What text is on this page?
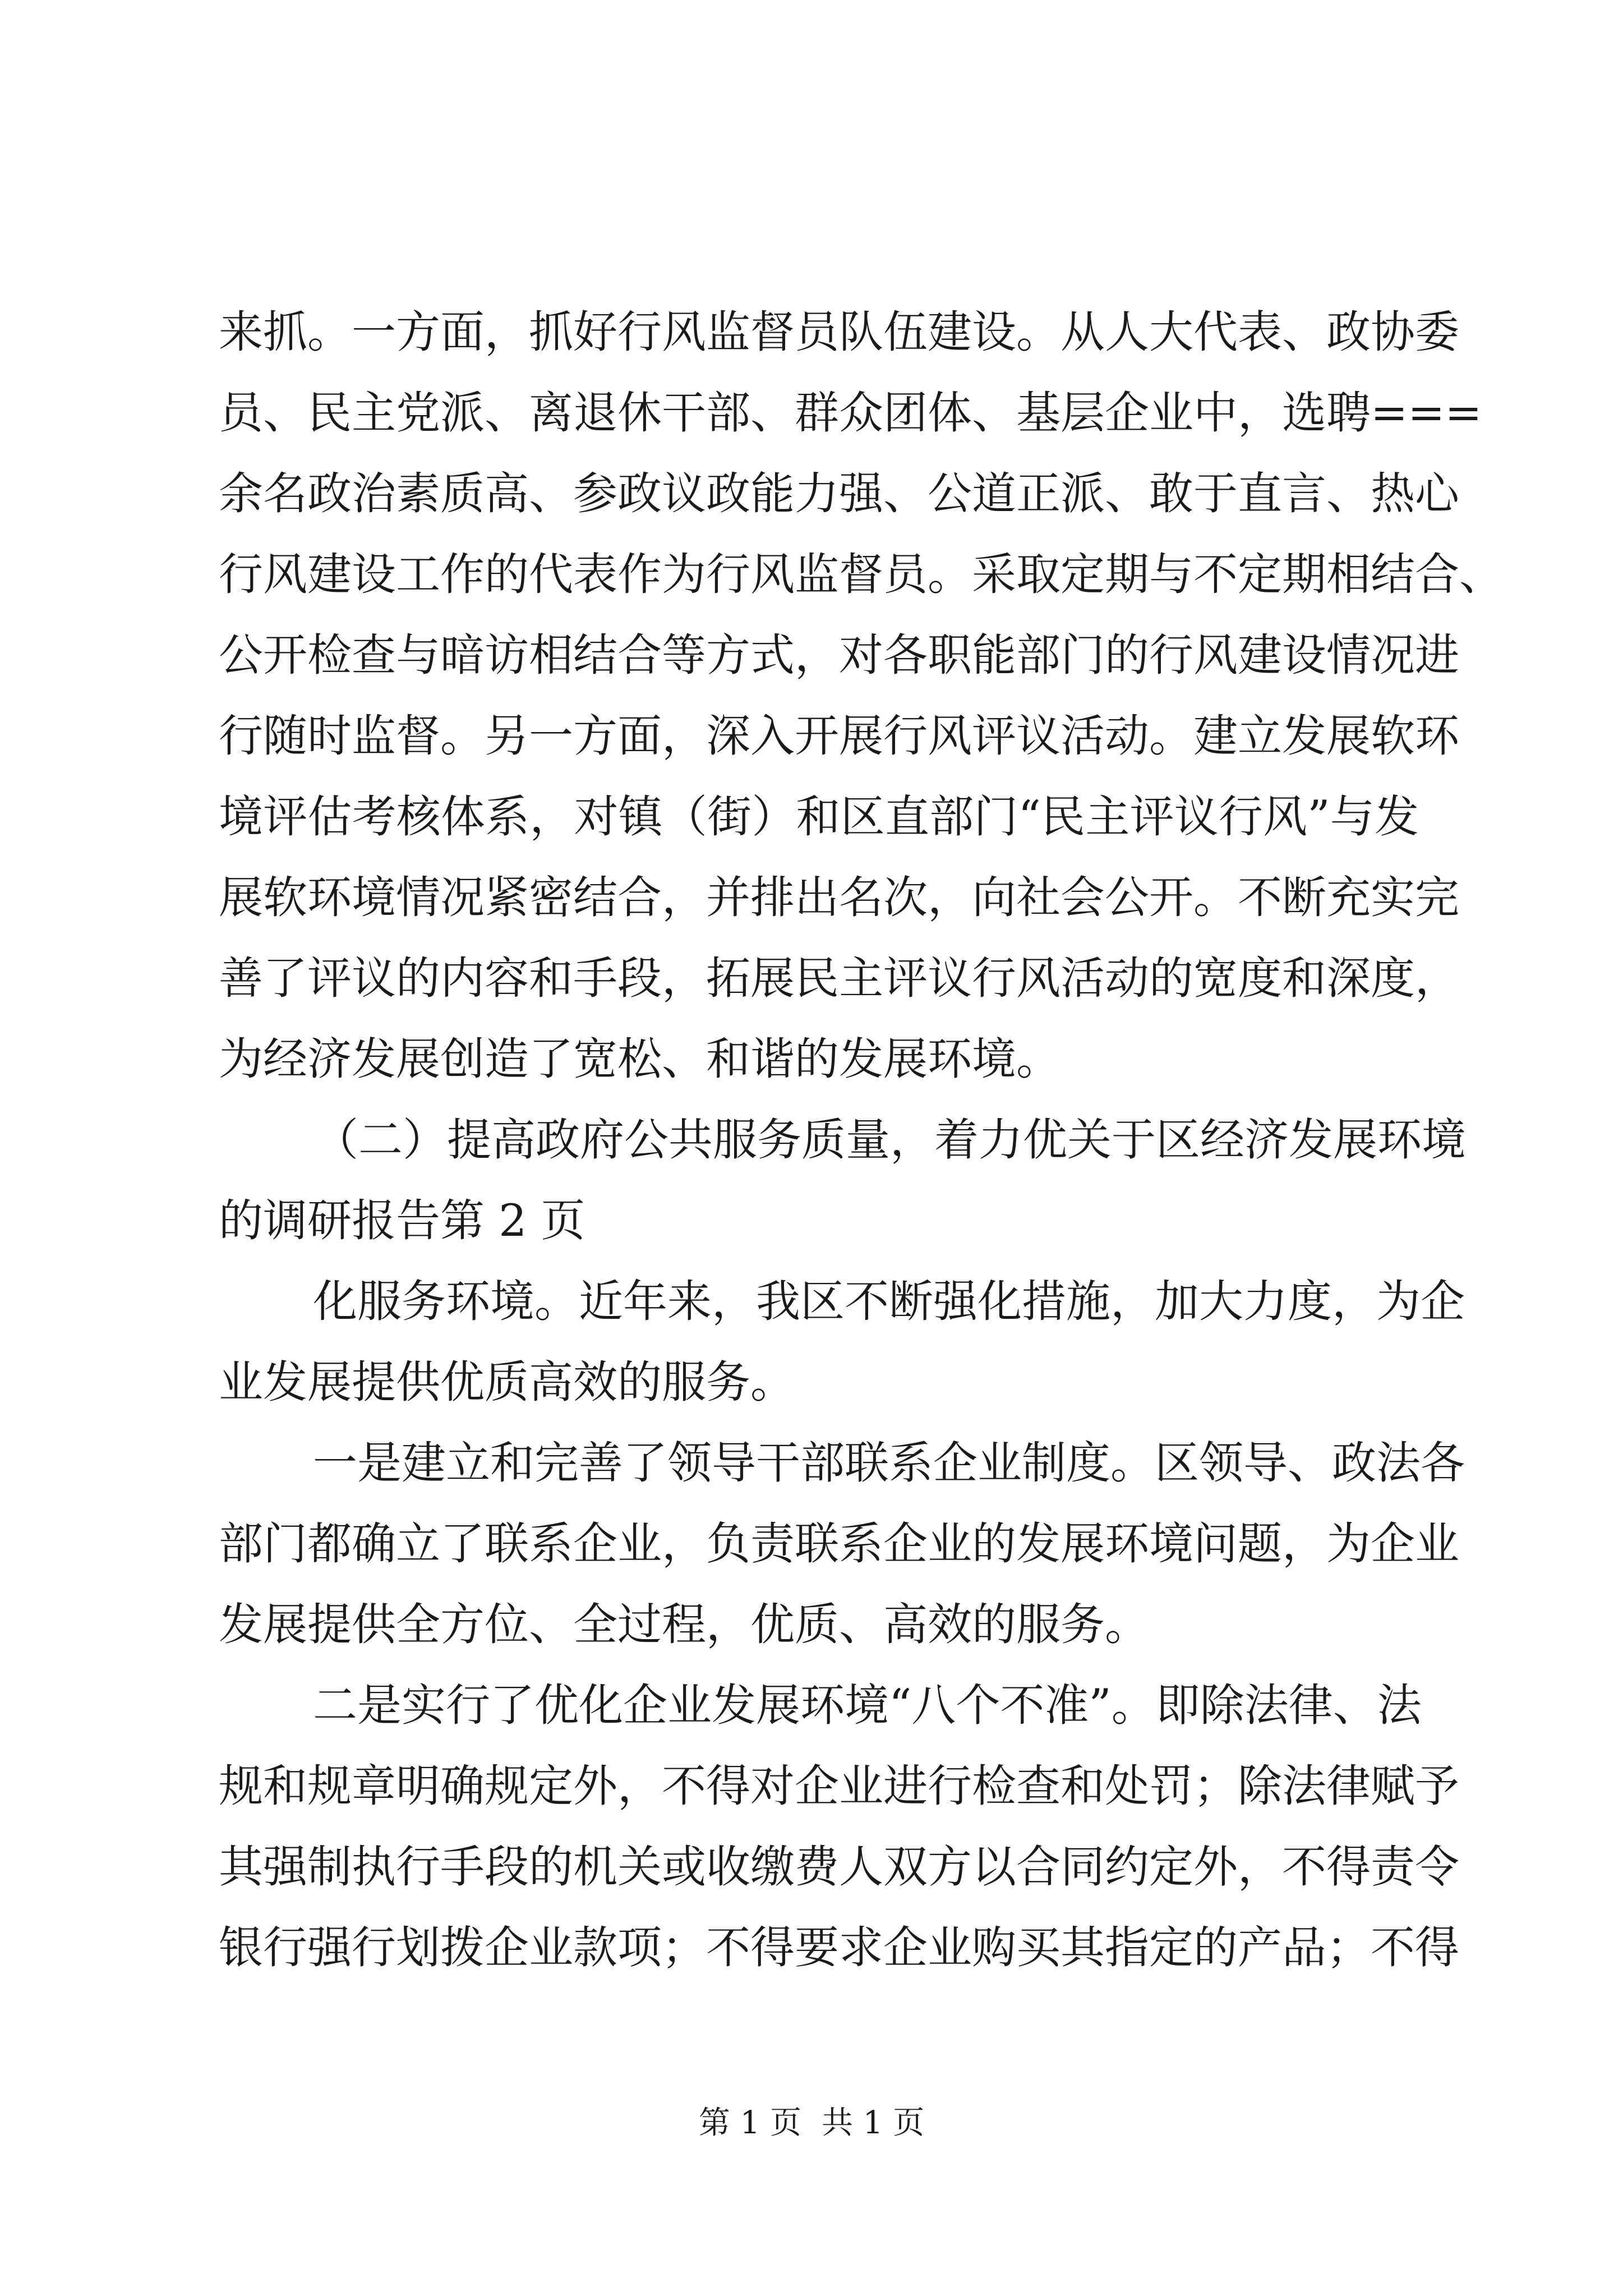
来抓。一方面，抓好行风监督员队伍建设。从人大代表、政协委
员、民主党派、离退休干部、群众团体、基层企业中，选聘===
余名政治素质高、参政议政能力强、公道正派、敢于直言、热心
行风建设工作的代表作为行风监督员。采取定期与不定期相结合、
公开检查与暗访相结合等方式，对各职能部门的行风建设情况进
行随时监督。另一方面，深入开展行风评议活动。建立发展软环
境评估考核体系，对镇（街）和区直部门“民主评议行风”与发
展软环境情况紧密结合，并排出名次，向社会公开。不断充实完
善了评议的内容和手段，拓展民主评议行风活动的宽度和深度，
为经济发展创造了宽松、和谐的发展环境。
（二）提高政府公共服务质量，着力优关于区经济发展环境
的调研报告第 2 页
化服务环境。近年来，我区不断强化措施，加大力度，为企
业发展提供优质高效的服务。
一是建立和完善了领导干部联系企业制度。区领导、政法各
部门都确立了联系企业，负责联系企业的发展环境问题，为企业
发展提供全方位、全过程，优质、高效的服务。
二是实行了优化企业发展环境“八个不准”。即除法律、法
规和规章明确规定外，不得对企业进行检查和处罚；除法律赋予
其强制执行手段的机关或收缴费人双方以合同约定外，不得责令
银行强行划拨企业款项；不得要求企业购买其指定的产品；不得
第 1 页 共 1 页
